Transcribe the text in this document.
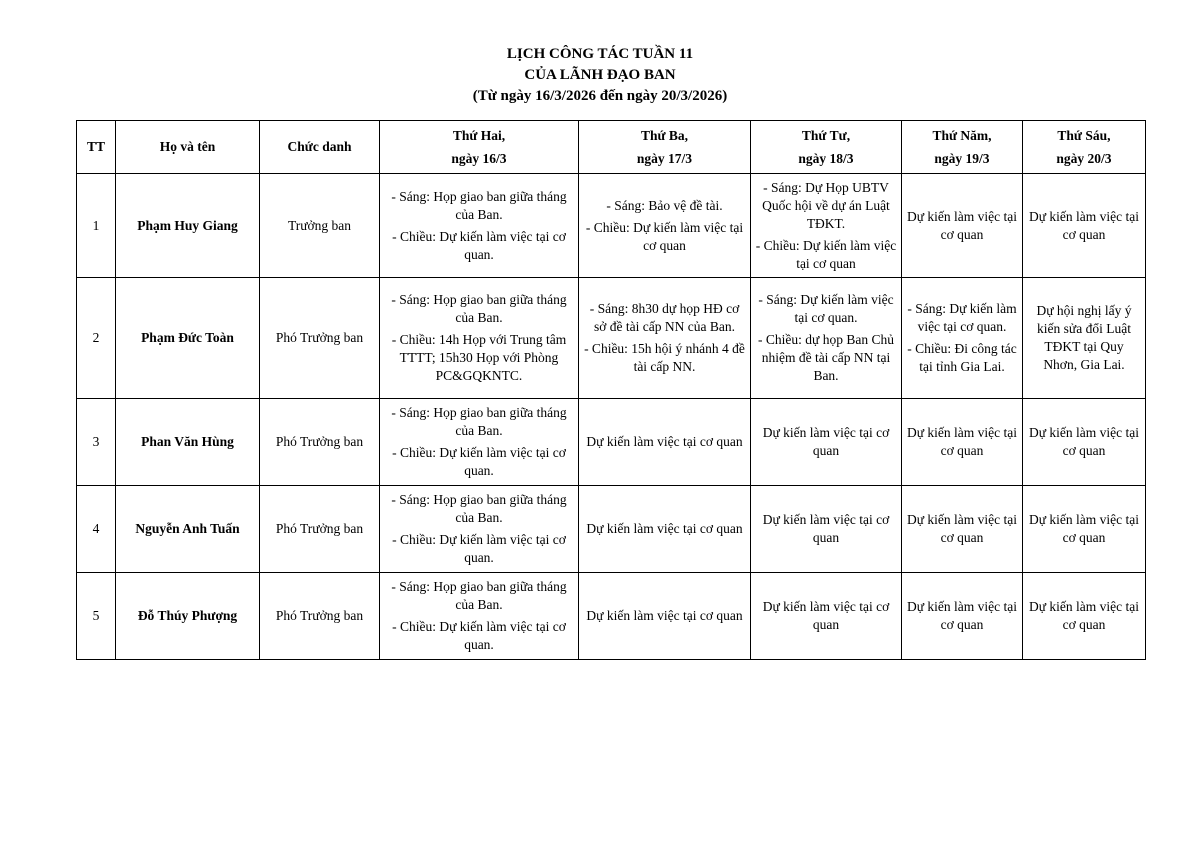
LỊCH CÔNG TÁC TUẦN 11

CỦA LÃNH ĐẠO BAN

(Từ ngày 16/3/2026 đến ngày 20/3/2026)

TT	Họ và tên	Chức danh	Thứ Hai,
ngày 16/3	Thứ Ba,
ngày 17/3	Thứ Tư,
ngày 18/3	Thứ Năm,
ngày 19/3	Thứ Sáu,
ngày 20/3

1	Phạm Huy Giang	Trưởng ban	- Sáng: Họp giao ban giữa tháng của Ban.
- Chiều: Dự kiến làm việc tại cơ quan.	- Sáng: Bảo vệ đề tài.
- Chiều: Dự kiến làm việc tại cơ quan	- Sáng: Dự Họp UBTV Quốc hội về dự án Luật TĐKT.
- Chiều: Dự kiến làm việc tại cơ quan	Dự kiến làm việc tại cơ quan	Dự kiến làm việc tại cơ quan
2	Phạm Đức Toàn	Phó Trưởng ban	- Sáng: Họp giao ban giữa tháng của Ban.
- Chiều: 14h Họp với Trung tâm TTTT; 15h30 Họp với Phòng PC&GQKNTC.	- Sáng: 8h30 dự họp HĐ cơ sở đề tài cấp NN của Ban.
- Chiều: 15h hội ý nhánh 4 đề tài cấp NN.	- Sáng: Dự kiến làm việc tại cơ quan.
- Chiều: dự họp Ban Chủ nhiệm đề tài cấp NN tại Ban.	- Sáng: Dự kiến làm việc tại cơ quan.
- Chiều: Đi công tác tại tỉnh Gia Lai.	Dự hội nghị lấy ý kiến sửa đổi Luật TĐKT tại Quy Nhơn, Gia Lai.
3	Phan Văn Hùng	Phó Trưởng ban	- Sáng: Họp giao ban giữa tháng của Ban.
- Chiều: Dự kiến làm việc tại cơ quan.	Dự kiến làm việc tại cơ quan	Dự kiến làm việc tại cơ quan	Dự kiến làm việc tại cơ quan	Dự kiến làm việc tại cơ quan
4	Nguyễn Anh Tuấn	Phó Trưởng ban	- Sáng: Họp giao ban giữa tháng của Ban.
- Chiều: Dự kiến làm việc tại cơ quan.	Dự kiến làm việc tại cơ quan	Dự kiến làm việc tại cơ quan	Dự kiến làm việc tại cơ quan	Dự kiến làm việc tại cơ quan
5	Đỗ Thúy Phượng	Phó Trưởng ban	- Sáng: Họp giao ban giữa tháng của Ban.
- Chiều: Dự kiến làm việc tại cơ quan.	Dự kiến làm việc tại cơ quan	Dự kiến làm việc tại cơ quan	Dự kiến làm việc tại cơ quan	Dự kiến làm việc tại cơ quan
